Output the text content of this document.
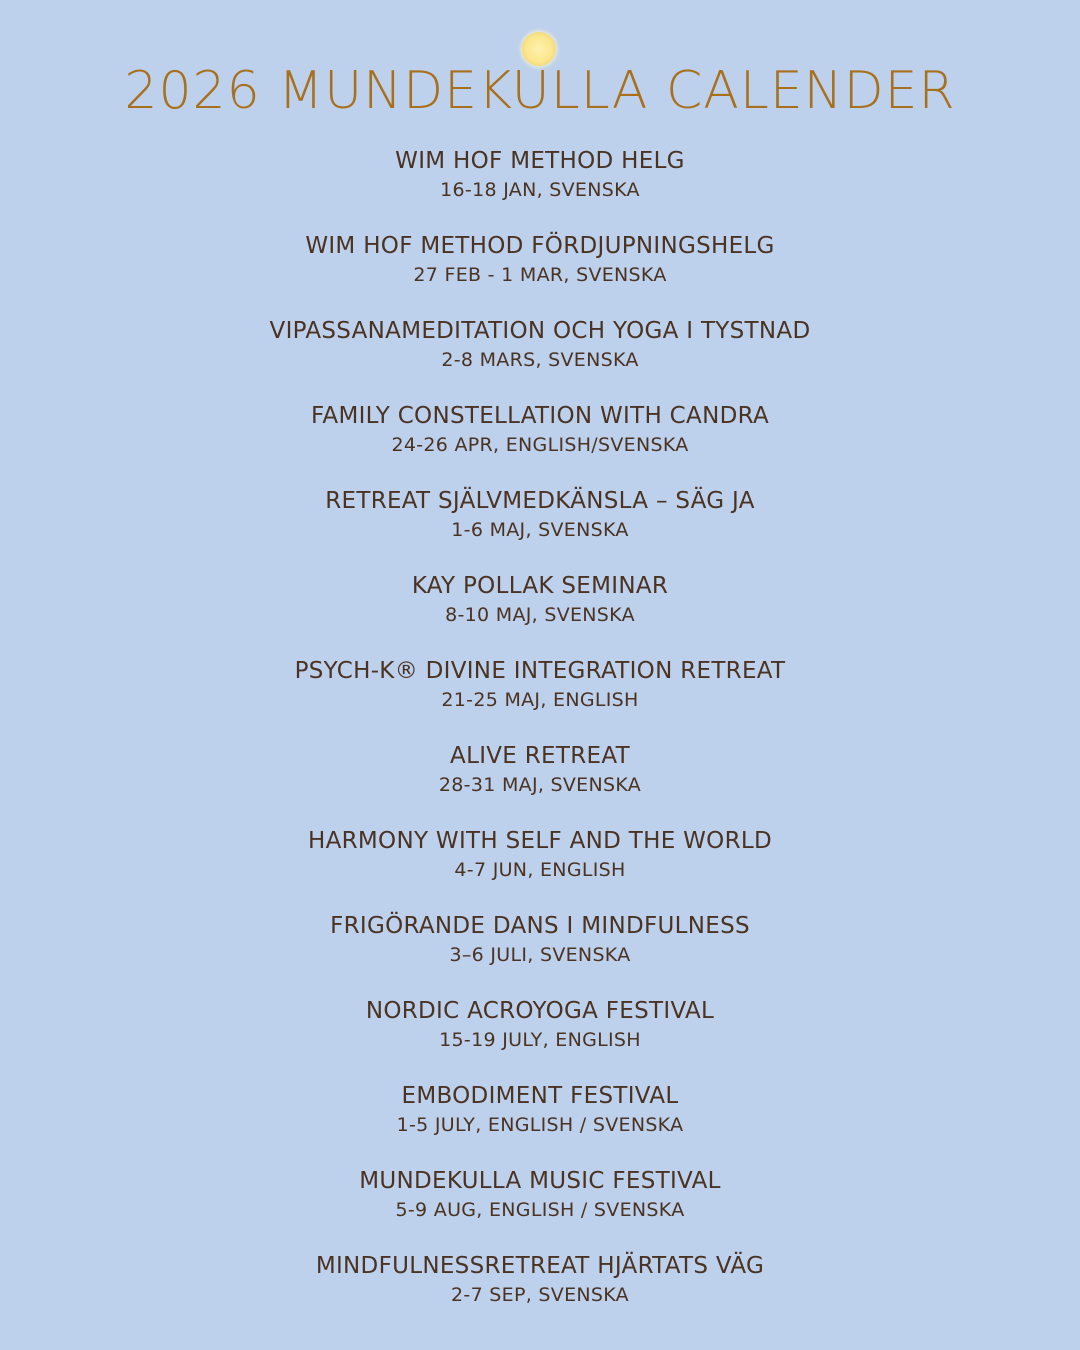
2026 MUNDEKULLA CALENDER
WIM HOF METHOD HELG
16-18 JAN, SVENSKA
WIM HOF METHOD FÖRDJUPNINGSHELG
27 FEB - 1 MAR, SVENSKA
VIPASSANAMEDITATION OCH YOGA I TYSTNAD
2-8 MARS, SVENSKA
FAMILY CONSTELLATION WITH CANDRA
24-26 APR, ENGLISH/SVENSKA
RETREAT SJÄLVMEDKÄNSLA – SÄG JA
1-6 MAJ, SVENSKA
KAY POLLAK SEMINAR
8-10 MAJ, SVENSKA
PSYCH-K® DIVINE INTEGRATION RETREAT
21-25 MAJ, ENGLISH
ALIVE RETREAT
28-31 MAJ, SVENSKA
HARMONY WITH SELF AND THE WORLD
4-7 JUN, ENGLISH
FRIGÖRANDE DANS I MINDFULNESS
3–6 JULI, SVENSKA
NORDIC ACROYOGA FESTIVAL
15-19 JULY, ENGLISH
EMBODIMENT FESTIVAL
1-5 JULY, ENGLISH / SVENSKA
MUNDEKULLA MUSIC FESTIVAL
5-9 AUG, ENGLISH / SVENSKA
MINDFULNESSRETREAT HJÄRTATS VÄG
2-7 SEP, SVENSKA
